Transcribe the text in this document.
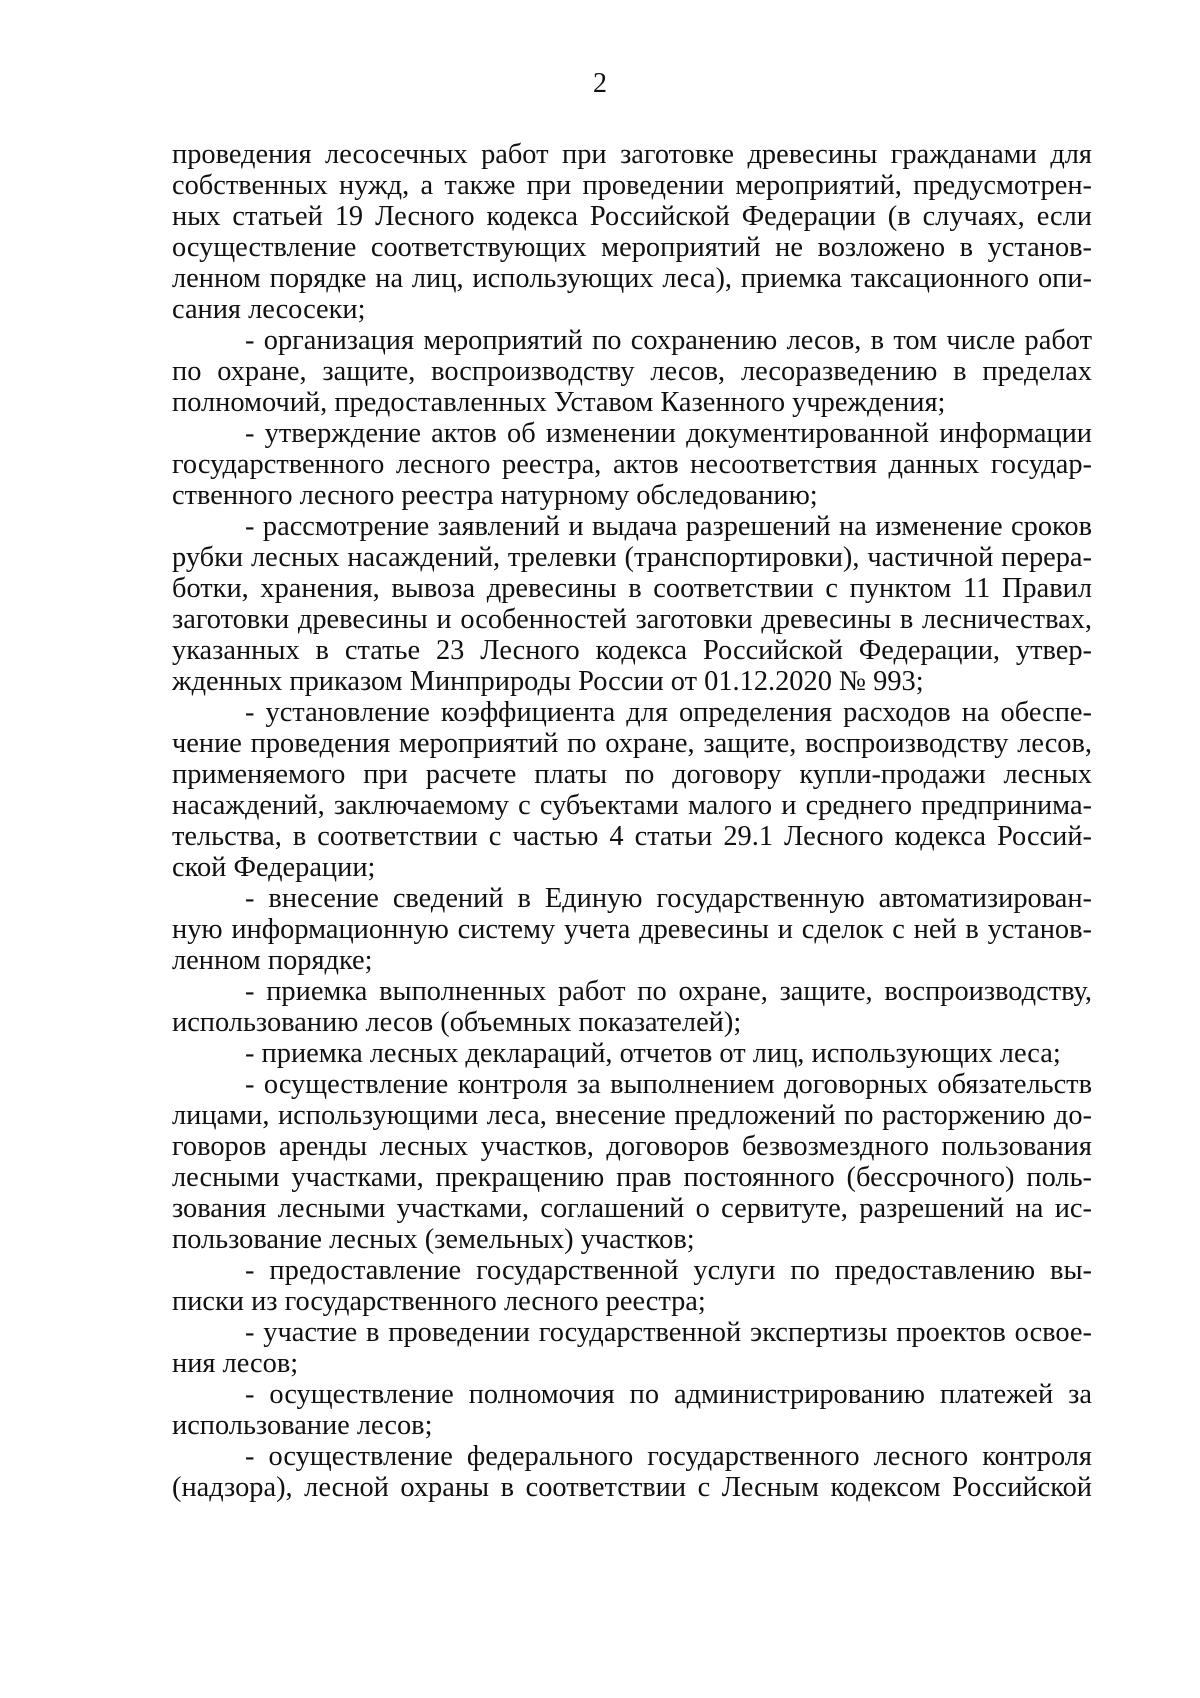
2
проведения лесосечных работ при заготовке древесины гражданами для
собственных нужд, а также при проведении мероприятий, предусмотрен-
ных статьей 19 Лесного кодекса Российской Федерации (в случаях, если
осуществление соответствующих мероприятий не возложено в установ-
ленном порядке на лиц, использующих леса), приемка таксационного опи-
сания лесосеки;
- организация мероприятий по сохранению лесов, в том числе работ
по охране, защите, воспроизводству лесов, лесоразведению в пределах
полномочий, предоставленных Уставом Казенного учреждения;
- утверждение актов об изменении документированной информации
государственного лесного реестра, актов несоответствия данных государ-
ственного лесного реестра натурному обследованию;
- рассмотрение заявлений и выдача разрешений на изменение сроков
рубки лесных насаждений, трелевки (транспортировки), частичной перера-
ботки, хранения, вывоза древесины в соответствии с пунктом 11 Правил
заготовки древесины и особенностей заготовки древесины в лесничествах,
указанных в статье 23 Лесного кодекса Российской Федерации, утвер-
жденных приказом Минприроды России от 01.12.2020 № 993;
- установление коэффициента для определения расходов на обеспе-
чение проведения мероприятий по охране, защите, воспроизводству лесов,
применяемого при расчете платы по договору купли-продажи лесных
насаждений, заключаемому с субъектами малого и среднего предпринима-
тельства, в соответствии с частью 4 статьи 29.1 Лесного кодекса Россий-
ской Федерации;
- внесение сведений в Единую государственную автоматизирован-
ную информационную систему учета древесины и сделок с ней в установ-
ленном порядке;
- приемка выполненных работ по охране, защите, воспроизводству,
использованию лесов (объемных показателей);
- приемка лесных деклараций, отчетов от лиц, использующих леса;
- осуществление контроля за выполнением договорных обязательств
лицами, использующими леса, внесение предложений по расторжению до-
говоров аренды лесных участков, договоров безвозмездного пользования
лесными участками, прекращению прав постоянного (бессрочного) поль-
зования лесными участками, соглашений о сервитуте, разрешений на ис-
пользование лесных (земельных) участков;
- предоставление государственной услуги по предоставлению вы-
писки из государственного лесного реестра;
- участие в проведении государственной экспертизы проектов освое-
ния лесов;
- осуществление полномочия по администрированию платежей за
использование лесов;
- осуществление федерального государственного лесного контроля
(надзора), лесной охраны в соответствии с Лесным кодексом Российской
